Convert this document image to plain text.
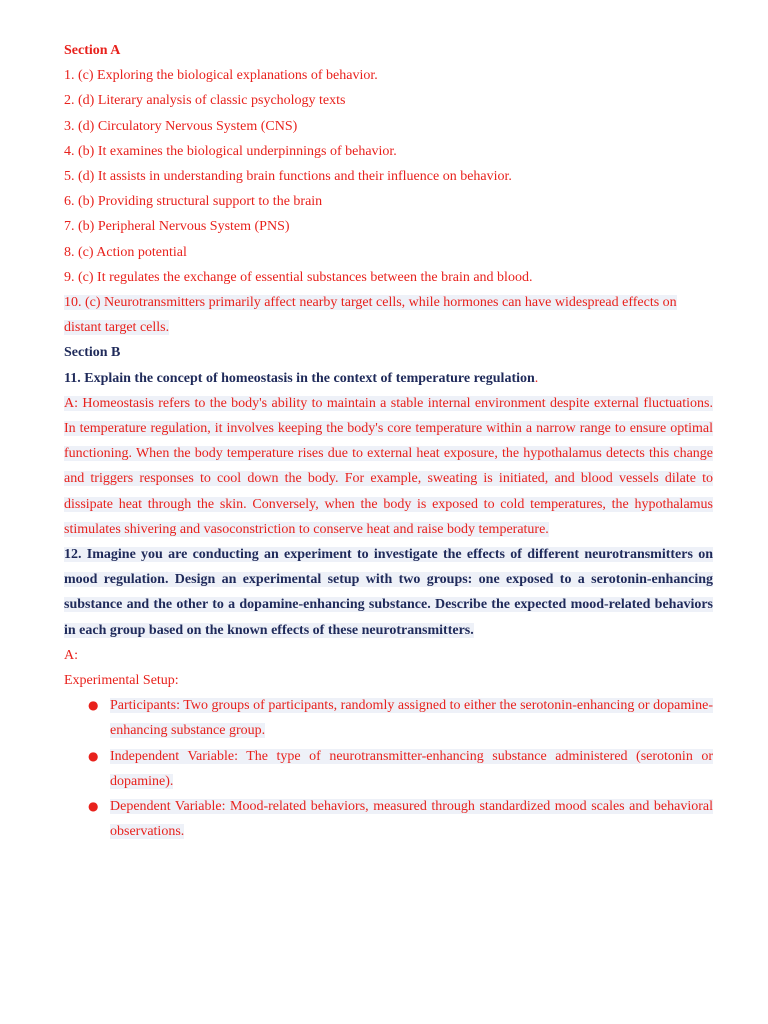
Section A
1. (c) Exploring the biological explanations of behavior.
2. (d) Literary analysis of classic psychology texts
3. (d) Circulatory Nervous System (CNS)
4. (b) It examines the biological underpinnings of behavior.
5. (d) It assists in understanding brain functions and their influence on behavior.
6. (b) Providing structural support to the brain
7. (b) Peripheral Nervous System (PNS)
8. (c) Action potential
9. (c) It regulates the exchange of essential substances between the brain and blood.
10. (c) Neurotransmitters primarily affect nearby target cells, while hormones can have widespread effects on distant target cells.
Section B
11. Explain the concept of homeostasis in the context of temperature regulation.
A: Homeostasis refers to the body's ability to maintain a stable internal environment despite external fluctuations. In temperature regulation, it involves keeping the body's core temperature within a narrow range to ensure optimal functioning. When the body temperature rises due to external heat exposure, the hypothalamus detects this change and triggers responses to cool down the body. For example, sweating is initiated, and blood vessels dilate to dissipate heat through the skin. Conversely, when the body is exposed to cold temperatures, the hypothalamus stimulates shivering and vasoconstriction to conserve heat and raise body temperature.
12. Imagine you are conducting an experiment to investigate the effects of different neurotransmitters on mood regulation. Design an experimental setup with two groups: one exposed to a serotonin-enhancing substance and the other to a dopamine-enhancing substance. Describe the expected mood-related behaviors in each group based on the known effects of these neurotransmitters.
A:
Experimental Setup:
● Participants: Two groups of participants, randomly assigned to either the serotonin-enhancing or dopamine-enhancing substance group.
● Independent Variable: The type of neurotransmitter-enhancing substance administered (serotonin or dopamine).
● Dependent Variable: Mood-related behaviors, measured through standardized mood scales and behavioral observations.
